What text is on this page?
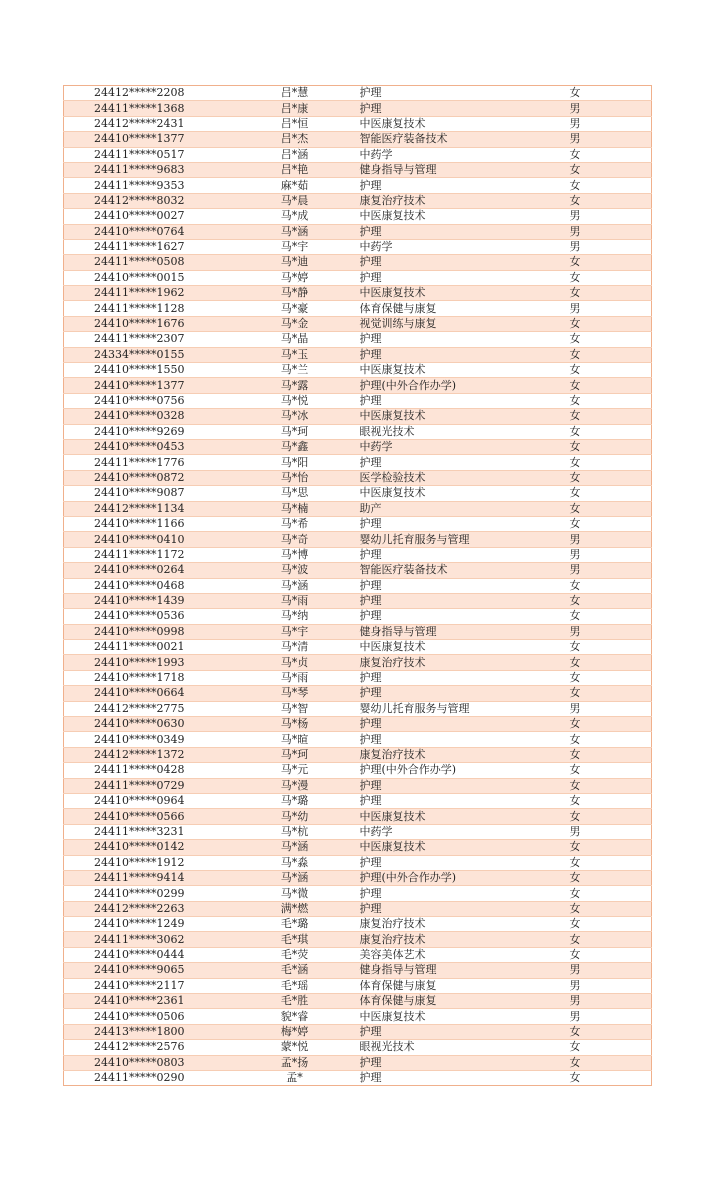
24412*****2208	吕*慧	护理	女
24411*****1368	吕*康	护理	男
24412*****2431	吕*恒	中医康复技术	男
24410*****1377	吕*杰	智能医疗装备技术	男
24411*****0517	吕*涵	中药学	女
24411*****9683	吕*艳	健身指导与管理	女
24411*****9353	麻*茹	护理	女
24412*****8032	马*晨	康复治疗技术	女
24410*****0027	马*成	中医康复技术	男
24410*****0764	马*涵	护理	男
24411*****1627	马*宇	中药学	男
24411*****0508	马*迪	护理	女
24410*****0015	马*婷	护理	女
24411*****1962	马*静	中医康复技术	女
24411*****1128	马*豪	体育保健与康复	男
24410*****1676	马*金	视觉训练与康复	女
24411*****2307	马*晶	护理	女
24334*****0155	马*玉	护理	女
24410*****1550	马*兰	中医康复技术	女
24410*****1377	马*露	护理(中外合作办学)	女
24410*****0756	马*悦	护理	女
24410*****0328	马*冰	中医康复技术	女
24410*****9269	马*珂	眼视光技术	女
24410*****0453	马*鑫	中药学	女
24411*****1776	马*阳	护理	女
24410*****0872	马*怡	医学检验技术	女
24410*****9087	马*思	中医康复技术	女
24412*****1134	马*楠	助产	女
24410*****1166	马*希	护理	女
24410*****0410	马*奇	婴幼儿托育服务与管理	男
24411*****1172	马*博	护理	男
24410*****0264	马*波	智能医疗装备技术	男
24410*****0468	马*涵	护理	女
24410*****1439	马*雨	护理	女
24410*****0536	马*纳	护理	女
24410*****0998	马*宇	健身指导与管理	男
24411*****0021	马*清	中医康复技术	女
24410*****1993	马*贞	康复治疗技术	女
24410*****1718	马*雨	护理	女
24410*****0664	马*琴	护理	女
24412*****2775	马*智	婴幼儿托育服务与管理	男
24410*****0630	马*杨	护理	女
24410*****0349	马*暄	护理	女
24412*****1372	马*珂	康复治疗技术	女
24411*****0428	马*元	护理(中外合作办学)	女
24411*****0729	马*漫	护理	女
24410*****0964	马*璐	护理	女
24410*****0566	马*幼	中医康复技术	女
24411*****3231	马*杭	中药学	男
24410*****0142	马*涵	中医康复技术	女
24410*****1912	马*淼	护理	女
24411*****9414	马*涵	护理(中外合作办学)	女
24410*****0299	马*微	护理	女
24412*****2263	满*燃	护理	女
24410*****1249	毛*璐	康复治疗技术	女
24411*****3062	毛*琪	康复治疗技术	女
24410*****0444	毛*荧	美容美体艺术	女
24410*****9065	毛*涵	健身指导与管理	男
24410*****2117	毛*瑶	体育保健与康复	男
24410*****2361	毛*胜	体育保健与康复	男
24410*****0506	貌*睿	中医康复技术	男
24413*****1800	梅*婷	护理	女
24412*****2576	蒙*悦	眼视光技术	女
24410*****0803	孟*扬	护理	女
24411*****0290	孟*	护理	女
